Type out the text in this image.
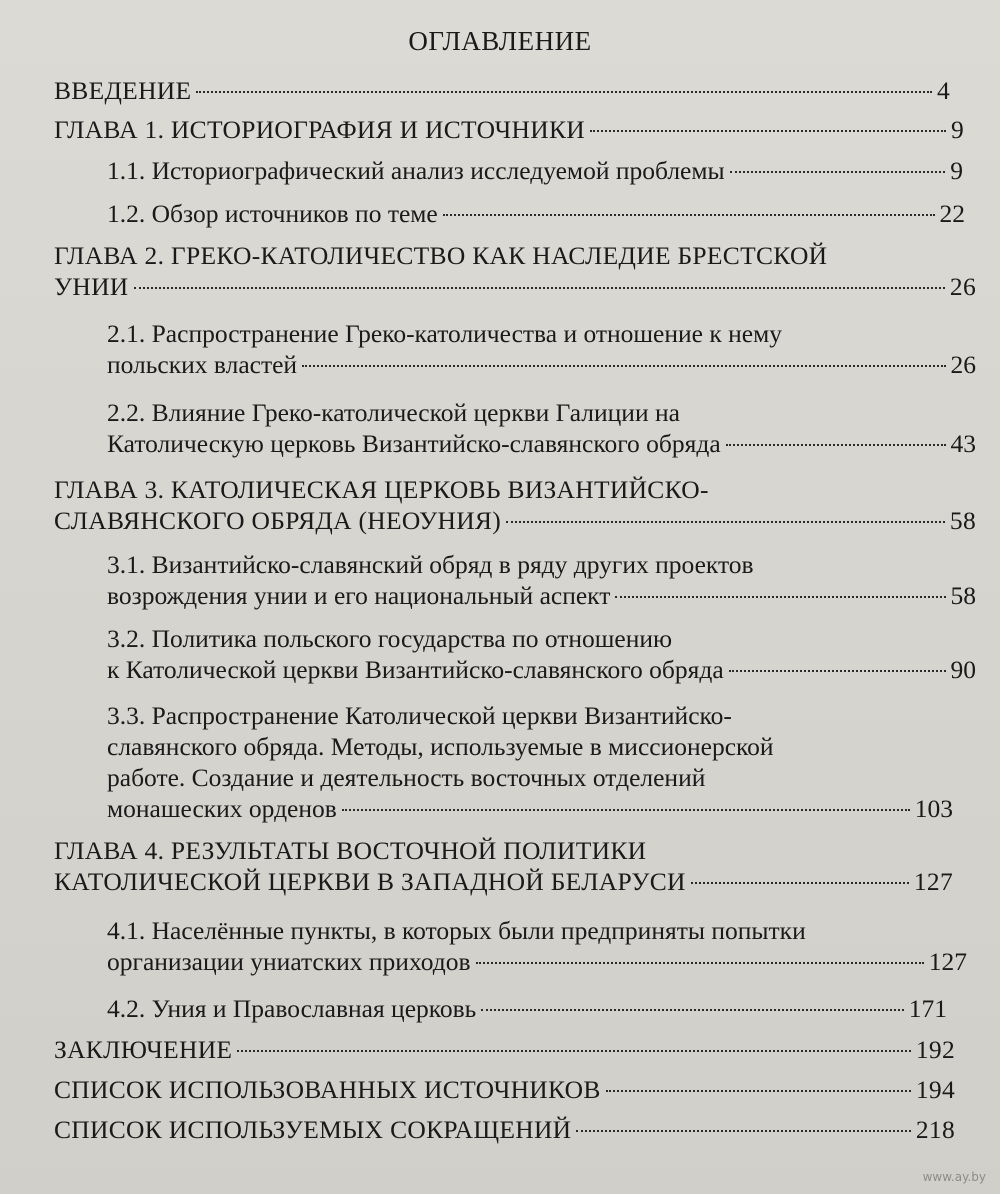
ОГЛАВЛЕНИЕ
ВВЕДЕНИЕ	4
ГЛАВА 1. ИСТОРИОГРАФИЯ И ИСТОЧНИКИ	9
1.1. Историографический анализ исследуемой проблемы	9
1.2. Обзор источников по теме	22
ГЛАВА 2. ГРЕКО-КАТОЛИЧЕСТВО КАК НАСЛЕДИЕ БРЕСТСКОЙ
УНИИ	26
2.1. Распространение Греко-католичества и отношение к нему
польских властей	26
2.2. Влияние Греко-католической церкви Галиции на
Католическую церковь Византийско-славянского обряда	43
ГЛАВА 3. КАТОЛИЧЕСКАЯ ЦЕРКОВЬ ВИЗАНТИЙСКО-
СЛАВЯНСКОГО ОБРЯДА (НЕОУНИЯ)	58
3.1. Византийско-славянский обряд в ряду других проектов
возрождения унии и его национальный аспект	58
3.2. Политика польского государства по отношению
к Католической церкви Византийско-славянского обряда	90
3.3. Распространение Католической церкви Византийско-
славянского обряда. Методы, используемые в миссионерской
работе. Создание и деятельность восточных отделений
монашеских орденов	103
ГЛАВА 4. РЕЗУЛЬТАТЫ ВОСТОЧНОЙ ПОЛИТИКИ
КАТОЛИЧЕСКОЙ ЦЕРКВИ В ЗАПАДНОЙ БЕЛАРУСИ	127
4.1. Населённые пункты, в которых были предприняты попытки
организации униатских приходов	127
4.2. Уния и Православная церковь	171
ЗАКЛЮЧЕНИЕ	192
СПИСОК ИСПОЛЬЗОВАННЫХ ИСТОЧНИКОВ	194
СПИСОК ИСПОЛЬЗУЕМЫХ СОКРАЩЕНИЙ	218
www.ay.by
